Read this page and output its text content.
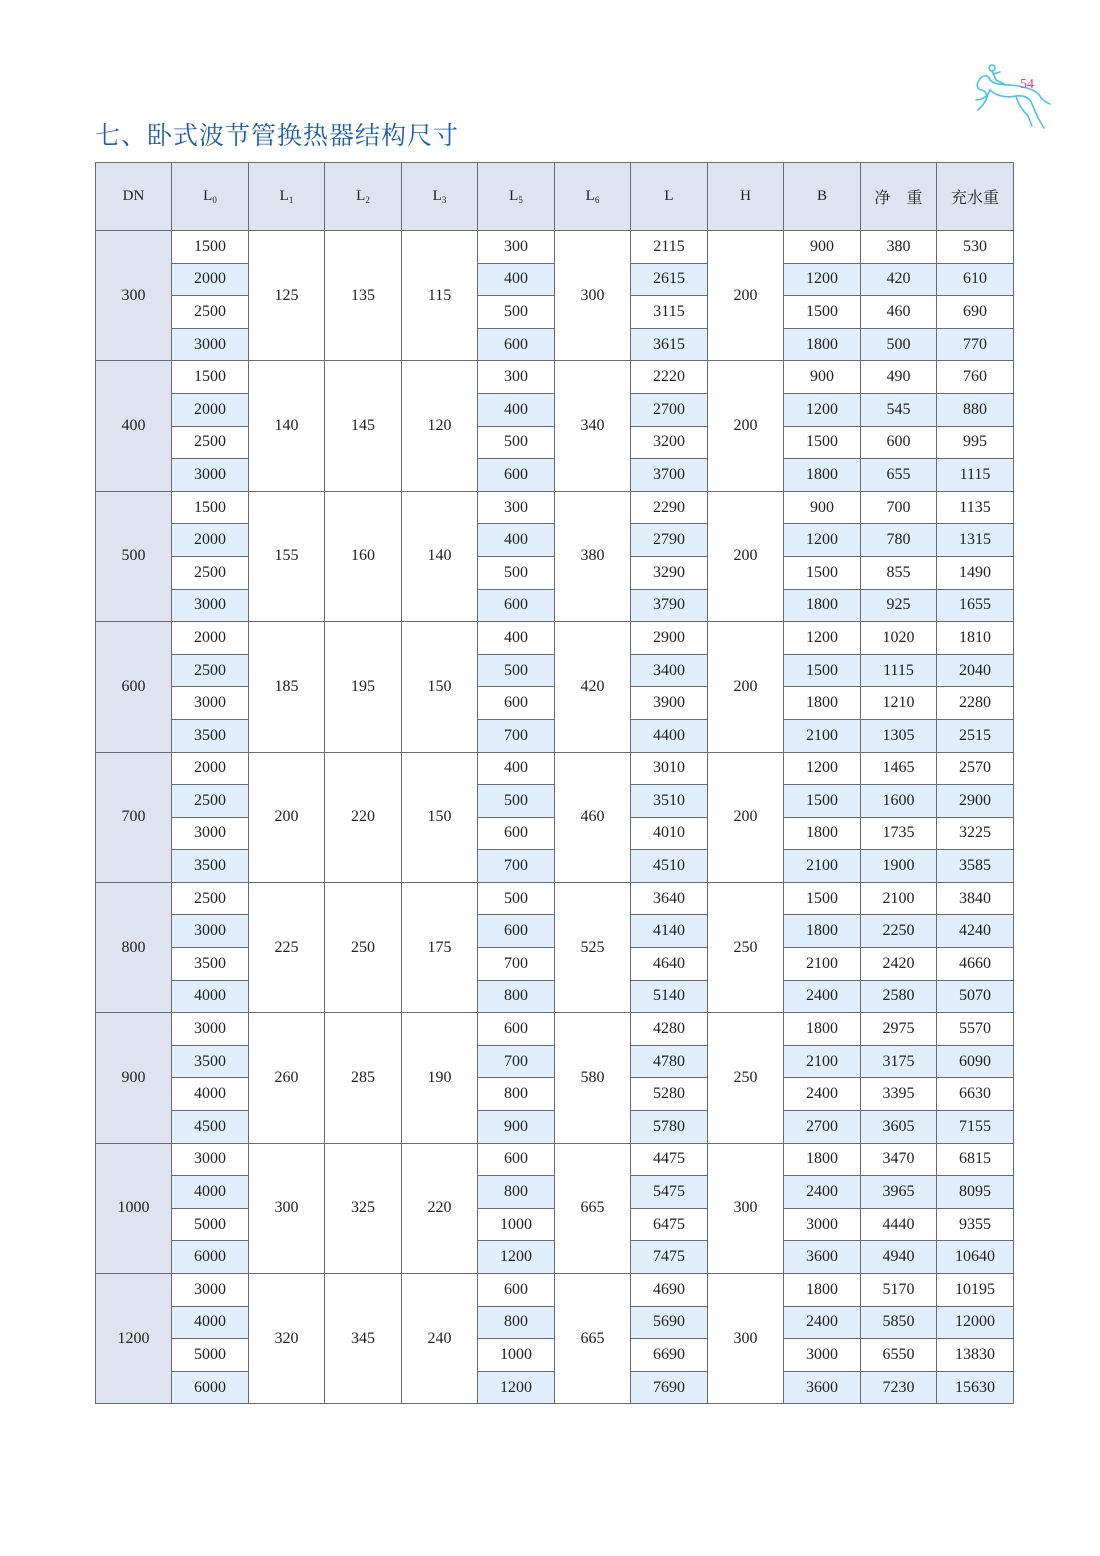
54
七、卧式波节管换热器结构尺寸
DN	$L_0$	$L_1$	$L_2$	$L_3$	$L_5$	$L_6$	L	H	B	净　重	充水重
300	1500	125	135	115	300	300	2115	200	900	380	530
	2000				400		2615		1200	420	610
	2500				500		3115		1500	460	690
	3000				600		3615		1800	500	770
400	1500	140	145	120	300	340	2220	200	900	490	760
	2000				400		2700		1200	545	880
	2500				500		3200		1500	600	995
	3000				600		3700		1800	655	1115
500	1500	155	160	140	300	380	2290	200	900	700	1135
	2000				400		2790		1200	780	1315
	2500				500		3290		1500	855	1490
	3000				600		3790		1800	925	1655
600	2000	185	195	150	400	420	2900	200	1200	1020	1810
	2500				500		3400		1500	1115	2040
	3000				600		3900		1800	1210	2280
	3500				700		4400		2100	1305	2515
700	2000	200	220	150	400	460	3010	200	1200	1465	2570
	2500				500		3510		1500	1600	2900
	3000				600		4010		1800	1735	3225
	3500				700		4510		2100	1900	3585
800	2500	225	250	175	500	525	3640	250	1500	2100	3840
	3000				600		4140		1800	2250	4240
	3500				700		4640		2100	2420	4660
	4000				800		5140		2400	2580	5070
900	3000	260	285	190	600	580	4280	250	1800	2975	5570
	3500				700		4780		2100	3175	6090
	4000				800		5280		2400	3395	6630
	4500				900		5780		2700	3605	7155
1000	3000	300	325	220	600	665	4475	300	1800	3470	6815
	4000				800		5475		2400	3965	8095
	5000				1000		6475		3000	4440	9355
	6000				1200		7475		3600	4940	10640
1200	3000	320	345	240	600	665	4690	300	1800	5170	10195
	4000				800		5690		2400	5850	12000
	5000				1000		6690		3000	6550	13830
	6000				1200		7690		3600	7230	15630
